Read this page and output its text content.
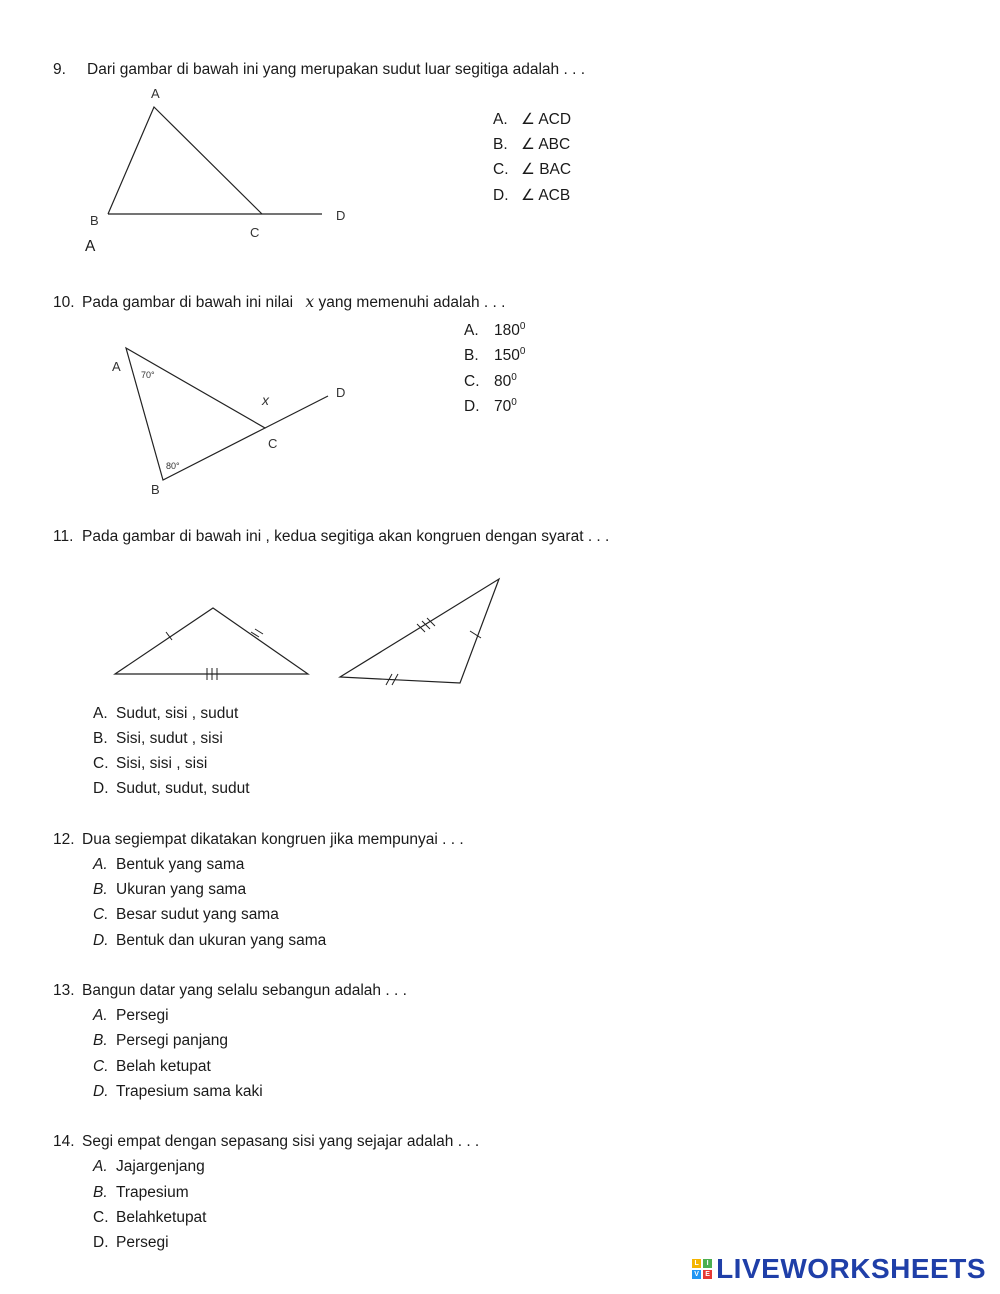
9. Dari gambar di bawah ini yang merupakan sudut luar segitiga adalah . . .
A
B
C
D
A
A. ∠ ACD
B. ∠ ABC
C. ∠ BAC
D. ∠ ACB
10. Pada gambar di bawah ini nilai x yang memenuhi adalah . . .
A
70°
B
80°
C
D
x
A. $180^0$
B. $150^0$
C. $80^0$
D. $70^0$
11. Pada gambar di bawah ini , kedua segitiga akan kongruen dengan syarat . . .
A. Sudut, sisi , sudut
B. Sisi, sudut , sisi
C. Sisi, sisi , sisi
D. Sudut, sudut, sudut
12. Dua segiempat dikatakan kongruen jika mempunyai . . .
A. Bentuk yang sama
B. Ukuran yang sama
C. Besar sudut yang sama
D. Bentuk dan ukuran yang sama
13. Bangun datar yang selalu sebangun adalah . . .
A. Persegi
B. Persegi panjang
C. Belah ketupat
D. Trapesium sama kaki
14. Segi empat dengan sepasang sisi yang sejajar adalah . . .
A. Jajargenjang
B. Trapesium
C. Belahketupat
D. Persegi
L	I
V E LIVEWORKSHEETS
